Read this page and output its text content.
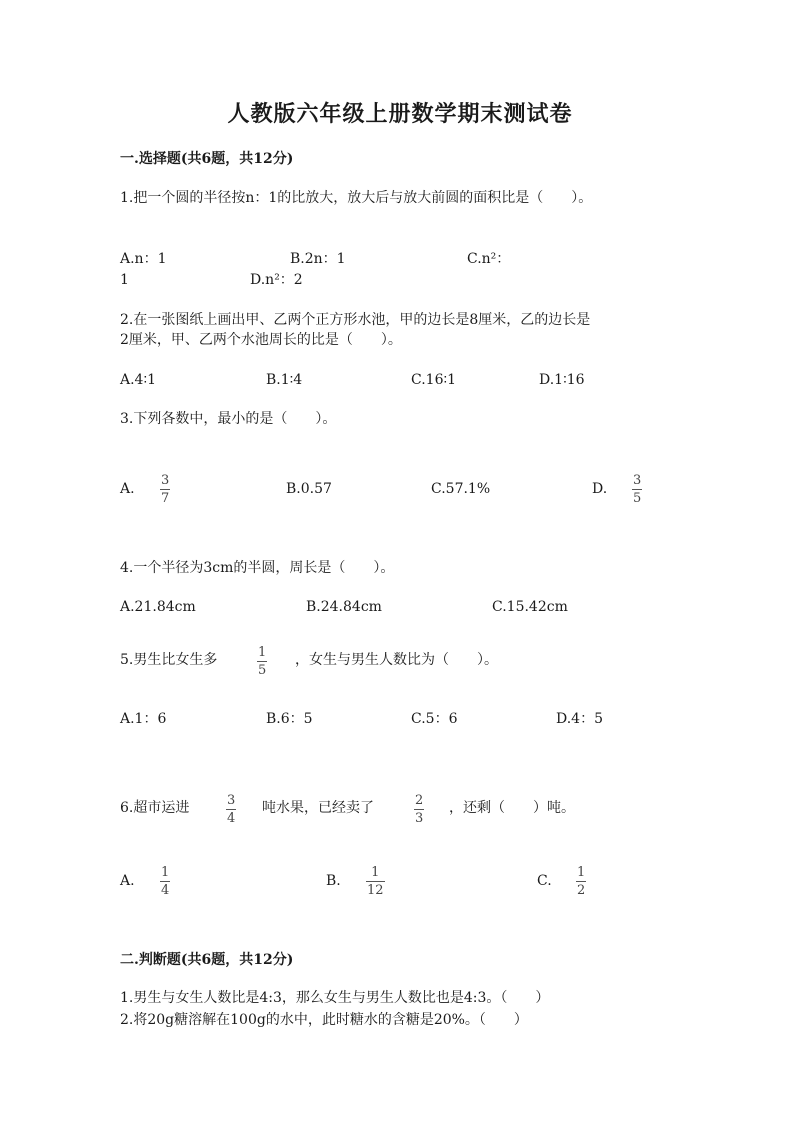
人教版六年级上册数学期末测试卷
一.选择题(共6题，共12分)
1.把一个圆的半径按n：1的比放大，放大后与放大前圆的面积比是（　　）。
A.n：1	B.2n：1	C.n²：
1	D.n²：2
2.在一张图纸上画出甲、乙两个正方形水池，甲的边长是8厘米，乙的边长是
2厘米，甲、乙两个水池周长的比是（　　）。
A.4∶1	B.1∶4	C.16∶1	D.1∶16
3.下列各数中，最小的是（　　）。
A.
3
7
B.0.57	C.57.1%	D.
3
5
4.一个半径为3cm的半圆，周长是（　　）。
A.21.84cm	B.24.84cm	C.15.42cm
5.男生比女生多	1
5
，女生与男生人数比为（　　）。
A.1：6	B.6：5	C.5：6	D.4：5
6.超市运进	3
4
吨水果，已经卖了	2
3
，还剩（　　）吨。
A.
1
4
B.
1
12
C.
1
2
二.判断题(共6题，共12分)
1.男生与女生人数比是4:3，那么女生与男生人数比也是4:3。（　　）
2.将20g糖溶解在100g的水中，此时糖水的含糖是20%。（　　）
